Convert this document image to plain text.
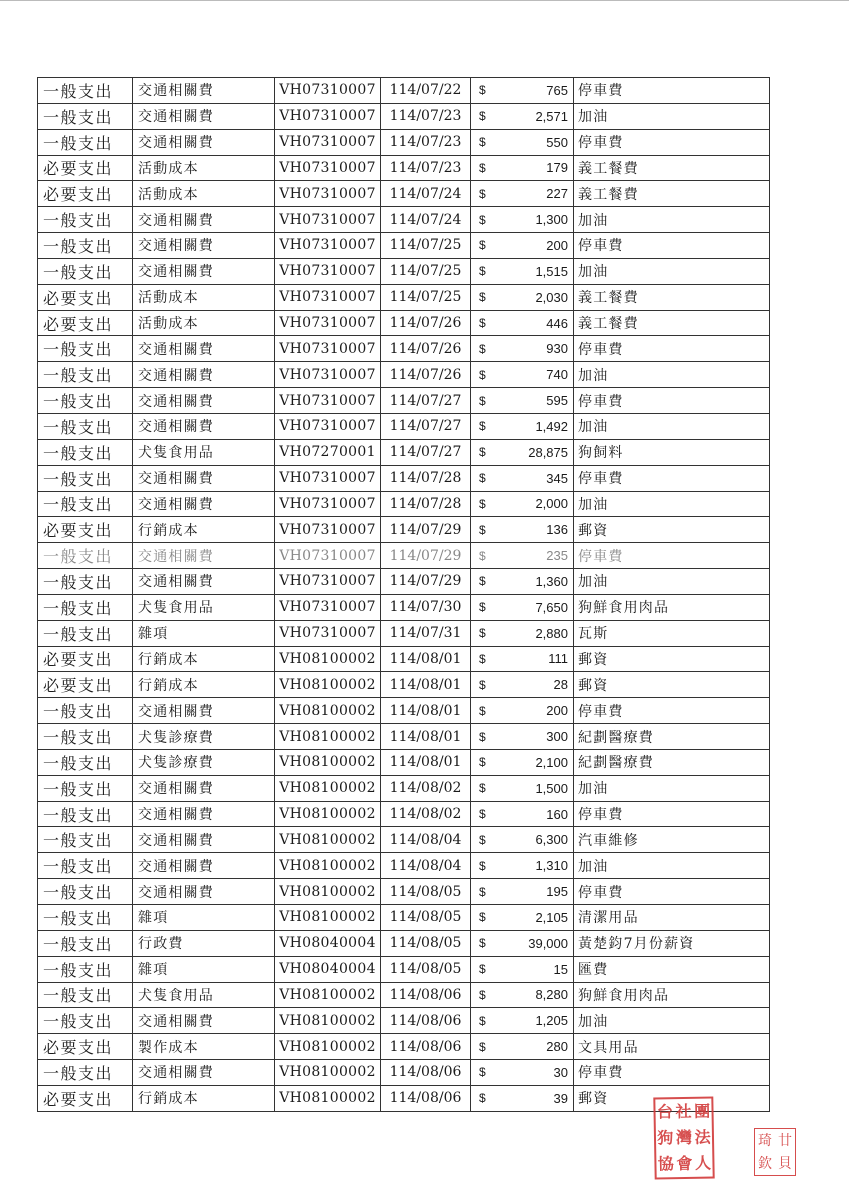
一般支出	交通相關費	VH07310007	114/07/22	$	765	停車費
一般支出	交通相關費	VH07310007	114/07/23	$	2,571	加油
一般支出	交通相關費	VH07310007	114/07/23	$	550	停車費
必要支出	活動成本	VH07310007	114/07/23	$	179	義工餐費
必要支出	活動成本	VH07310007	114/07/24	$	227	義工餐費
一般支出	交通相關費	VH07310007	114/07/24	$	1,300	加油
一般支出	交通相關費	VH07310007	114/07/25	$	200	停車費
一般支出	交通相關費	VH07310007	114/07/25	$	1,515	加油
必要支出	活動成本	VH07310007	114/07/25	$	2,030	義工餐費
必要支出	活動成本	VH07310007	114/07/26	$	446	義工餐費
一般支出	交通相關費	VH07310007	114/07/26	$	930	停車費
一般支出	交通相關費	VH07310007	114/07/26	$	740	加油
一般支出	交通相關費	VH07310007	114/07/27	$	595	停車費
一般支出	交通相關費	VH07310007	114/07/27	$	1,492	加油
一般支出	犬隻食用品	VH07270001	114/07/27	$	28,875	狗飼料
一般支出	交通相關費	VH07310007	114/07/28	$	345	停車費
一般支出	交通相關費	VH07310007	114/07/28	$	2,000	加油
必要支出	行銷成本	VH07310007	114/07/29	$	136	郵資
一般支出	交通相關費	VH07310007	114/07/29	$	235	停車費
一般支出	交通相關費	VH07310007	114/07/29	$	1,360	加油
一般支出	犬隻食用品	VH07310007	114/07/30	$	7,650	狗鮮食用肉品
一般支出	雜項	VH07310007	114/07/31	$	2,880	瓦斯
必要支出	行銷成本	VH08100002	114/08/01	$	111	郵資
必要支出	行銷成本	VH08100002	114/08/01	$	28	郵資
一般支出	交通相關費	VH08100002	114/08/01	$	200	停車費
一般支出	犬隻診療費	VH08100002	114/08/01	$	300	紀劃醫療費
一般支出	犬隻診療費	VH08100002	114/08/01	$	2,100	紀劃醫療費
一般支出	交通相關費	VH08100002	114/08/02	$	1,500	加油
一般支出	交通相關費	VH08100002	114/08/02	$	160	停車費
一般支出	交通相關費	VH08100002	114/08/04	$	6,300	汽車維修
一般支出	交通相關費	VH08100002	114/08/04	$	1,310	加油
一般支出	交通相關費	VH08100002	114/08/05	$	195	停車費
一般支出	雜項	VH08100002	114/08/05	$	2,105	清潔用品
一般支出	行政費	VH08040004	114/08/05	$	39,000	黃楚鈞7月份薪資
一般支出	雜項	VH08040004	114/08/05	$	15	匯費
一般支出	犬隻食用品	VH08100002	114/08/06	$	8,280	狗鮮食用肉品
一般支出	交通相關費	VH08100002	114/08/06	$	1,205	加油
必要支出	製作成本	VH08100002	114/08/06	$	280	文具用品
一般支出	交通相關費	VH08100002	114/08/06	$	30	停車費
必要支出	行銷成本	VH08100002	114/08/06	$	39	郵資
台 社 團
狗 灣 法
協 會 人
琦 廿
欽 貝
